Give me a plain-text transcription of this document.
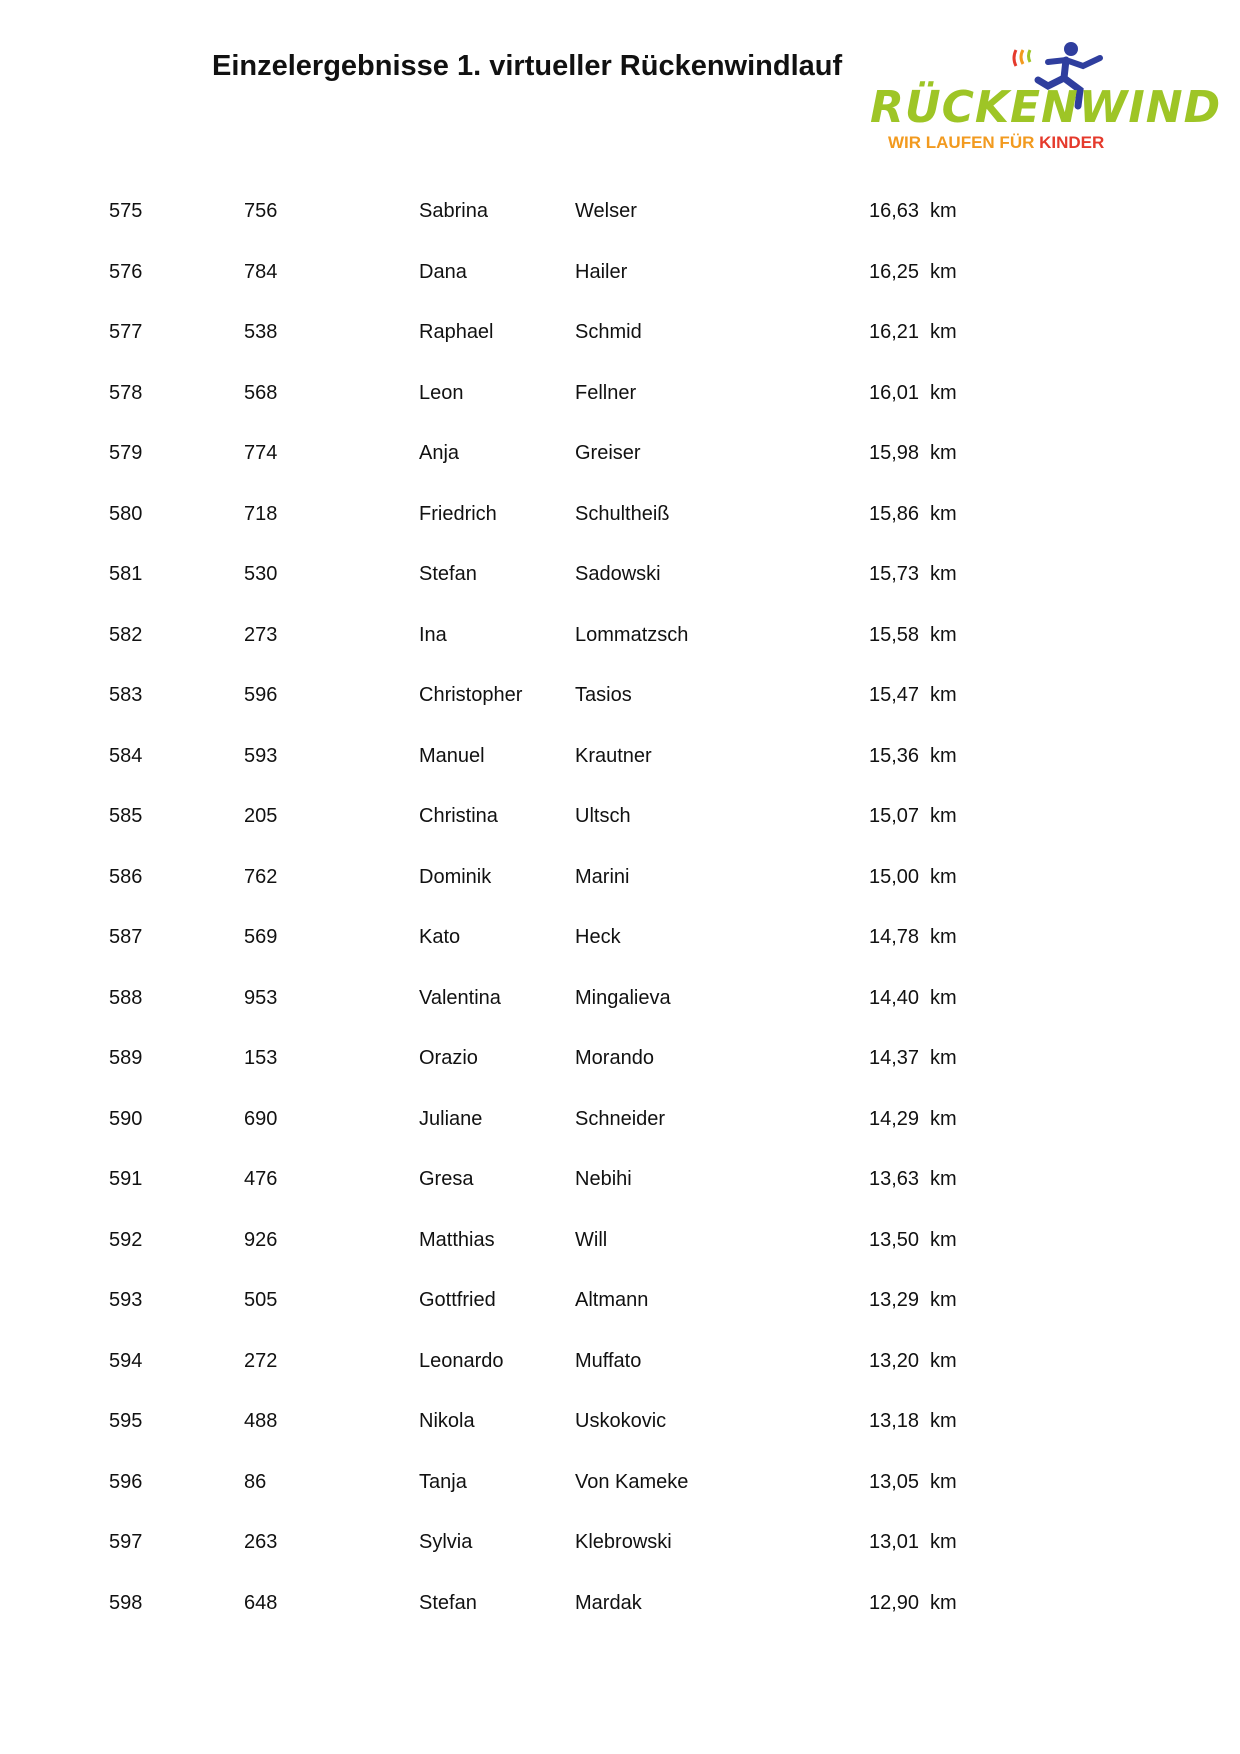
Einzelergebnisse 1. virtueller Rückenwindlauf
RÜCKENWIND
WIR LAUFEN FÜR KINDER
575	756	Sabrina	Welser	16,63 km
576	784	Dana	Hailer	16,25 km
577	538	Raphael	Schmid	16,21 km
578	568	Leon	Fellner	16,01 km
579	774	Anja	Greiser	15,98 km
580	718	Friedrich	Schultheiß	15,86 km
581	530	Stefan	Sadowski	15,73 km
582	273	Ina	Lommatzsch	15,58 km
583	596	Christopher	Tasios	15,47 km
584	593	Manuel	Krautner	15,36 km
585	205	Christina	Ultsch	15,07 km
586	762	Dominik	Marini	15,00 km
587	569	Kato	Heck	14,78 km
588	953	Valentina	Mingalieva	14,40 km
589	153	Orazio	Morando	14,37 km
590	690	Juliane	Schneider	14,29 km
591	476	Gresa	Nebihi	13,63 km
592	926	Matthias	Will	13,50 km
593	505	Gottfried	Altmann	13,29 km
594	272	Leonardo	Muffato	13,20 km
595	488	Nikola	Uskokovic	13,18 km
596	86	Tanja	Von Kameke	13,05 km
597	263	Sylvia	Klebrowski	13,01 km
598	648	Stefan	Mardak	12,90 km
